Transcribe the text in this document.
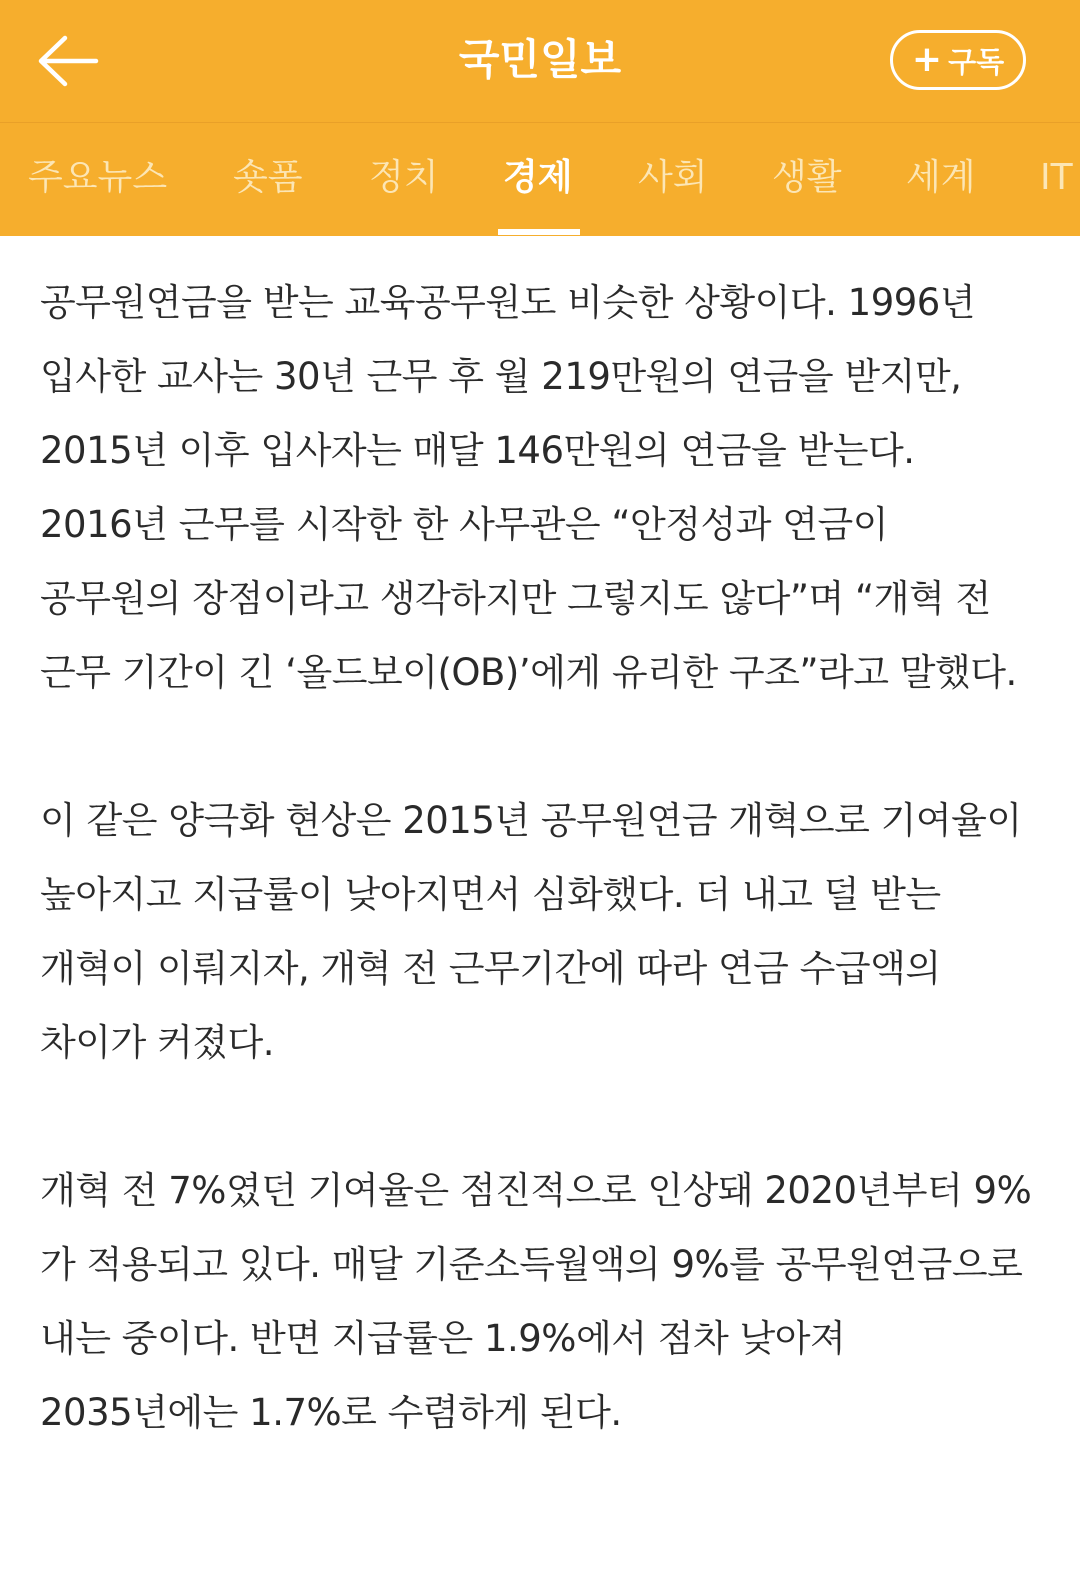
국민일보	+ 구독
주요뉴스 숏폼 정치 경제 사회 생활 세계 IT

공무원연금을 받는 교육공무원도 비슷한 상황이다. 1996년 입사한 교사는 30년 근무 후 월 219만원의 연금을 받지만, 2015년 이후 입사자는 매달 146만원의 연금을 받는다. 2016년 근무를 시작한 한 사무관은 “안정성과 연금이 공무원의 장점이라고 생각하지만 그렇지도 않다”며 “개혁 전 근무 기간이 긴 ‘올드보이(OB)’에게 유리한 구조”라고 말했다.

이 같은 양극화 현상은 2015년 공무원연금 개혁으로 기여율이 높아지고 지급률이 낮아지면서 심화했다. 더 내고 덜 받는 개혁이 이뤄지자, 개혁 전 근무기간에 따라 연금 수급액의 차이가 커졌다.

개혁 전 7%였던 기여율은 점진적으로 인상돼 2020년부터 9%가 적용되고 있다. 매달 기준소득월액의 9%를 공무원연금으로 내는 중이다. 반면 지급률은 1.9%에서 점차 낮아져 2035년에는 1.7%로 수렴하게 된다.
